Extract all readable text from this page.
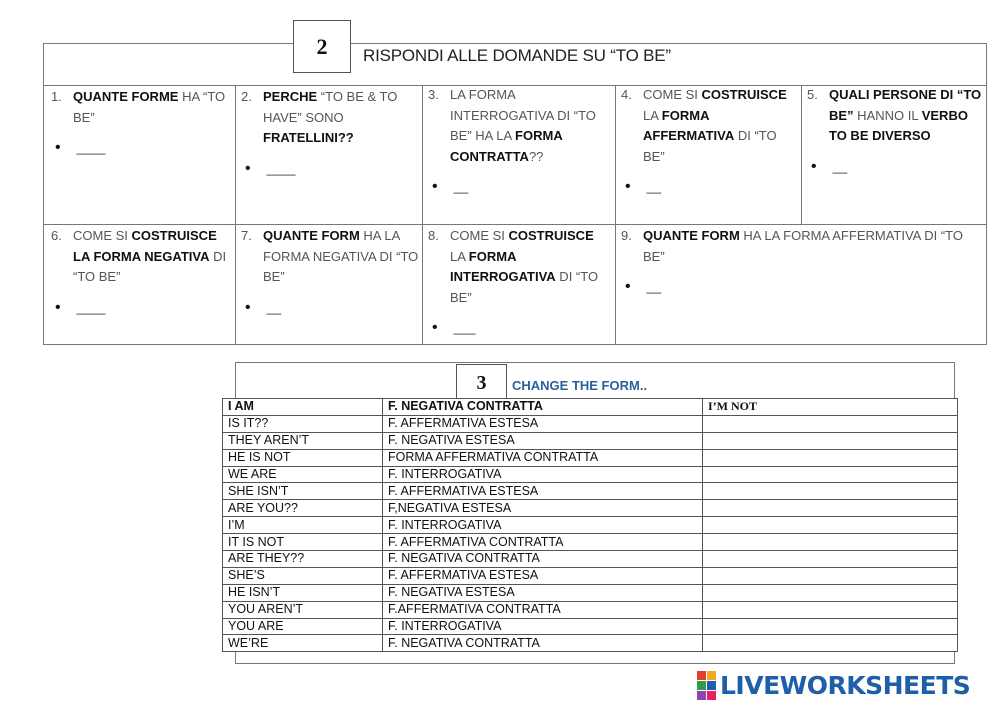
2	RISPONDI ALLE DOMANDE SU “TO BE”
1. QUANTE FORME HA “TO BE”
• ____
2. PERCHE “TO BE & TO HAVE” SONO FRATELLINI??
• ____
3. LA FORMA INTERROGATIVA DI “TO BE” HA LA FORMA CONTRATTA??
• __
4. COME SI COSTRUISCE LA FORMA AFFERMATIVA DI “TO BE”
• __
5. QUALI PERSONE DI “TO BE” HANNO IL VERBO TO BE DIVERSO
• __
6. COME SI COSTRUISCE LA FORMA NEGATIVA DI “TO BE”
• ____
7. QUANTE FORM HA LA FORMA NEGATIVA DI “TO BE”
• __
8. COME SI COSTRUISCE LA FORMA INTERROGATIVA DI “TO BE”
• ___
9. QUANTE FORM HA LA FORMA AFFERMATIVA DI “TO BE”
• __
3	CHANGE THE FORM..
I AM	F. NEGATIVA CONTRATTA	I’M NOT
IS IT??	F. AFFERMATIVA ESTESA	
THEY AREN’T	F. NEGATIVA ESTESA	
HE IS NOT	FORMA AFFERMATIVA CONTRATTA	
WE ARE	F. INTERROGATIVA	
SHE ISN’T	F. AFFERMATIVA ESTESA	
ARE YOU??	F,NEGATIVA ESTESA	
I’M	F. INTERROGATIVA	
IT IS NOT	F. AFFERMATIVA CONTRATTA	
ARE THEY??	F. NEGATIVA CONTRATTA	
SHE’S	F. AFFERMATIVA ESTESA	
HE ISN’T	F. NEGATIVA ESTESA	
YOU AREN’T	F.AFFERMATIVA CONTRATTA	
YOU ARE	F. INTERROGATIVA	
WE’RE	F. NEGATIVA CONTRATTA	
LIVEWORKSHEETS
